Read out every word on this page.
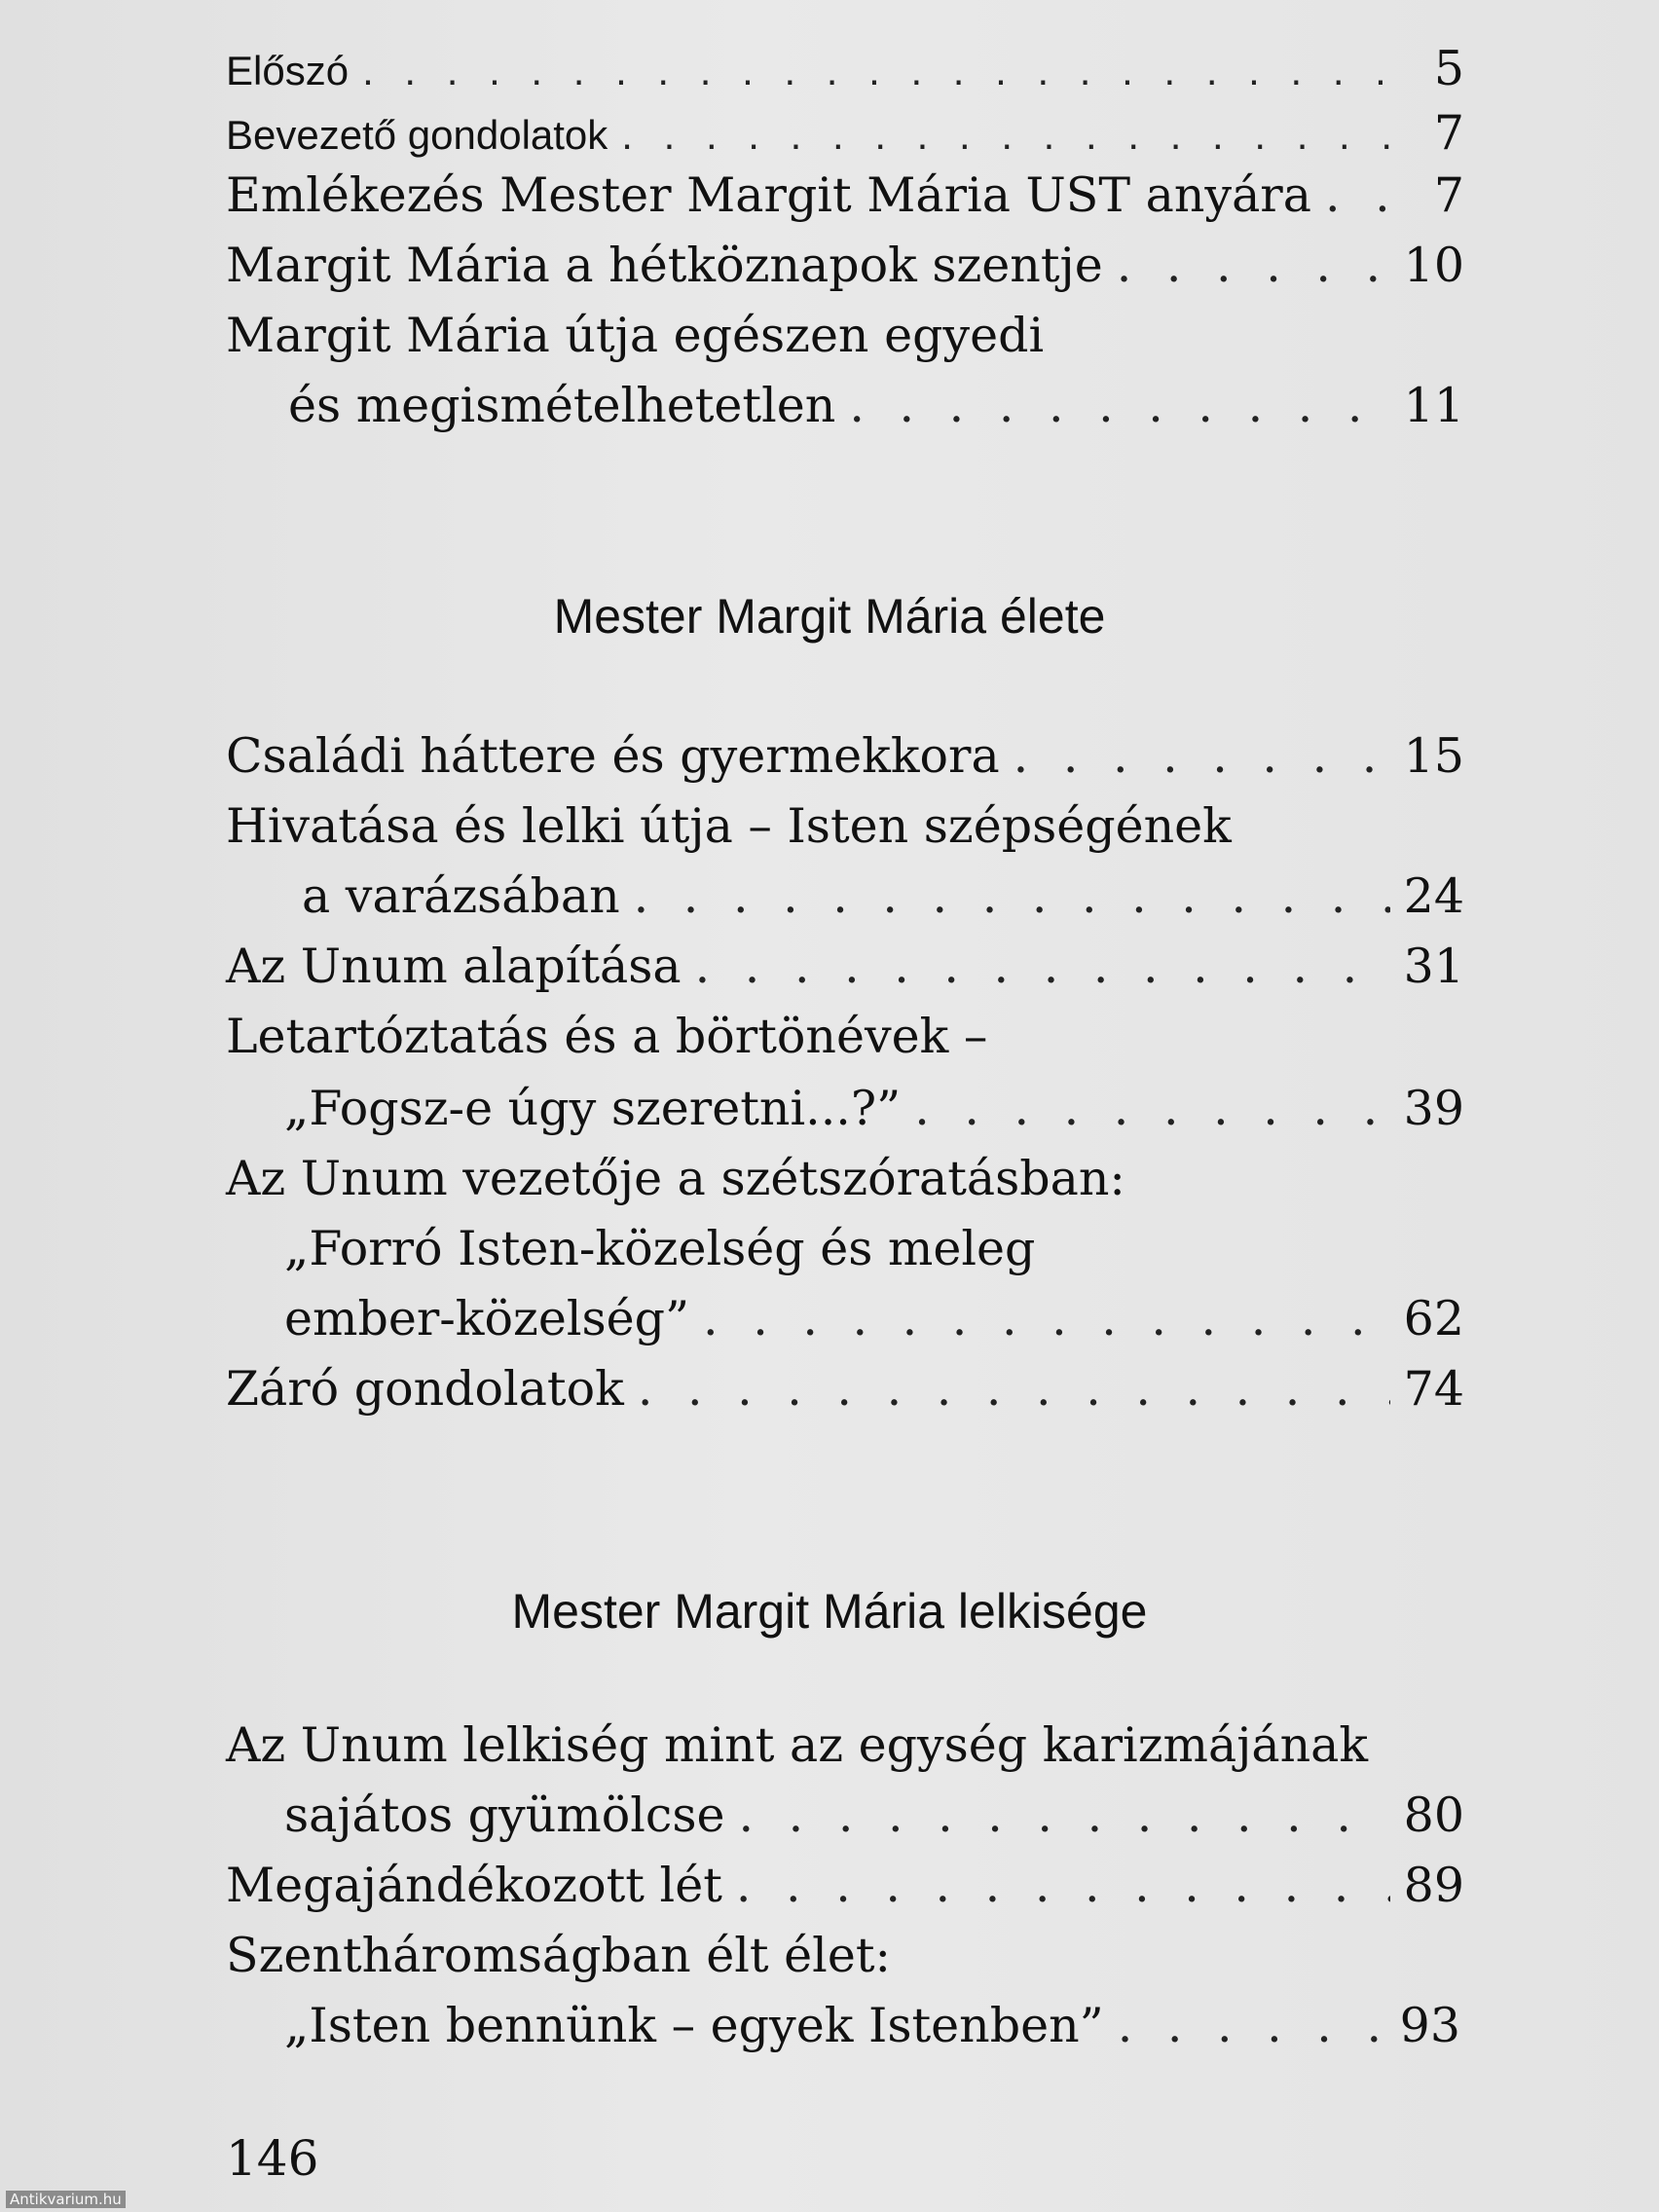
Előszó . . .	5
Bevezető gondolatok . . .	7
Emlékezés Mester Margit Mária UST anyára . . .	7
Margit Mária a hétköznapok szentje . . .	10
Margit Mária útja egészen egyedi
és megismételhetetlen . . .	11
Mester Margit Mária élete
Családi háttere és gyermekkora . . .	15
Hivatása és lelki útja – Isten szépségének
a varázsában . . .	24
Az Unum alapítása . . .	31
Letartóztatás és a börtönévek –
„Fogsz-e úgy szeretni...?” . . .	39
Az Unum vezetője a szétszóratásban:
„Forró Isten-közelség és meleg
ember-közelség” . . .	62
Záró gondolatok . . .	74
Mester Margit Mária lelkisége
Az Unum lelkiség mint az egység karizmájának
sajátos gyümölcse . . .	80
Megajándékozott lét . . .	89
Szentháromságban élt élet:
„Isten bennünk – egyek Istenben” . . .	93
146
Antikvarium.hu
